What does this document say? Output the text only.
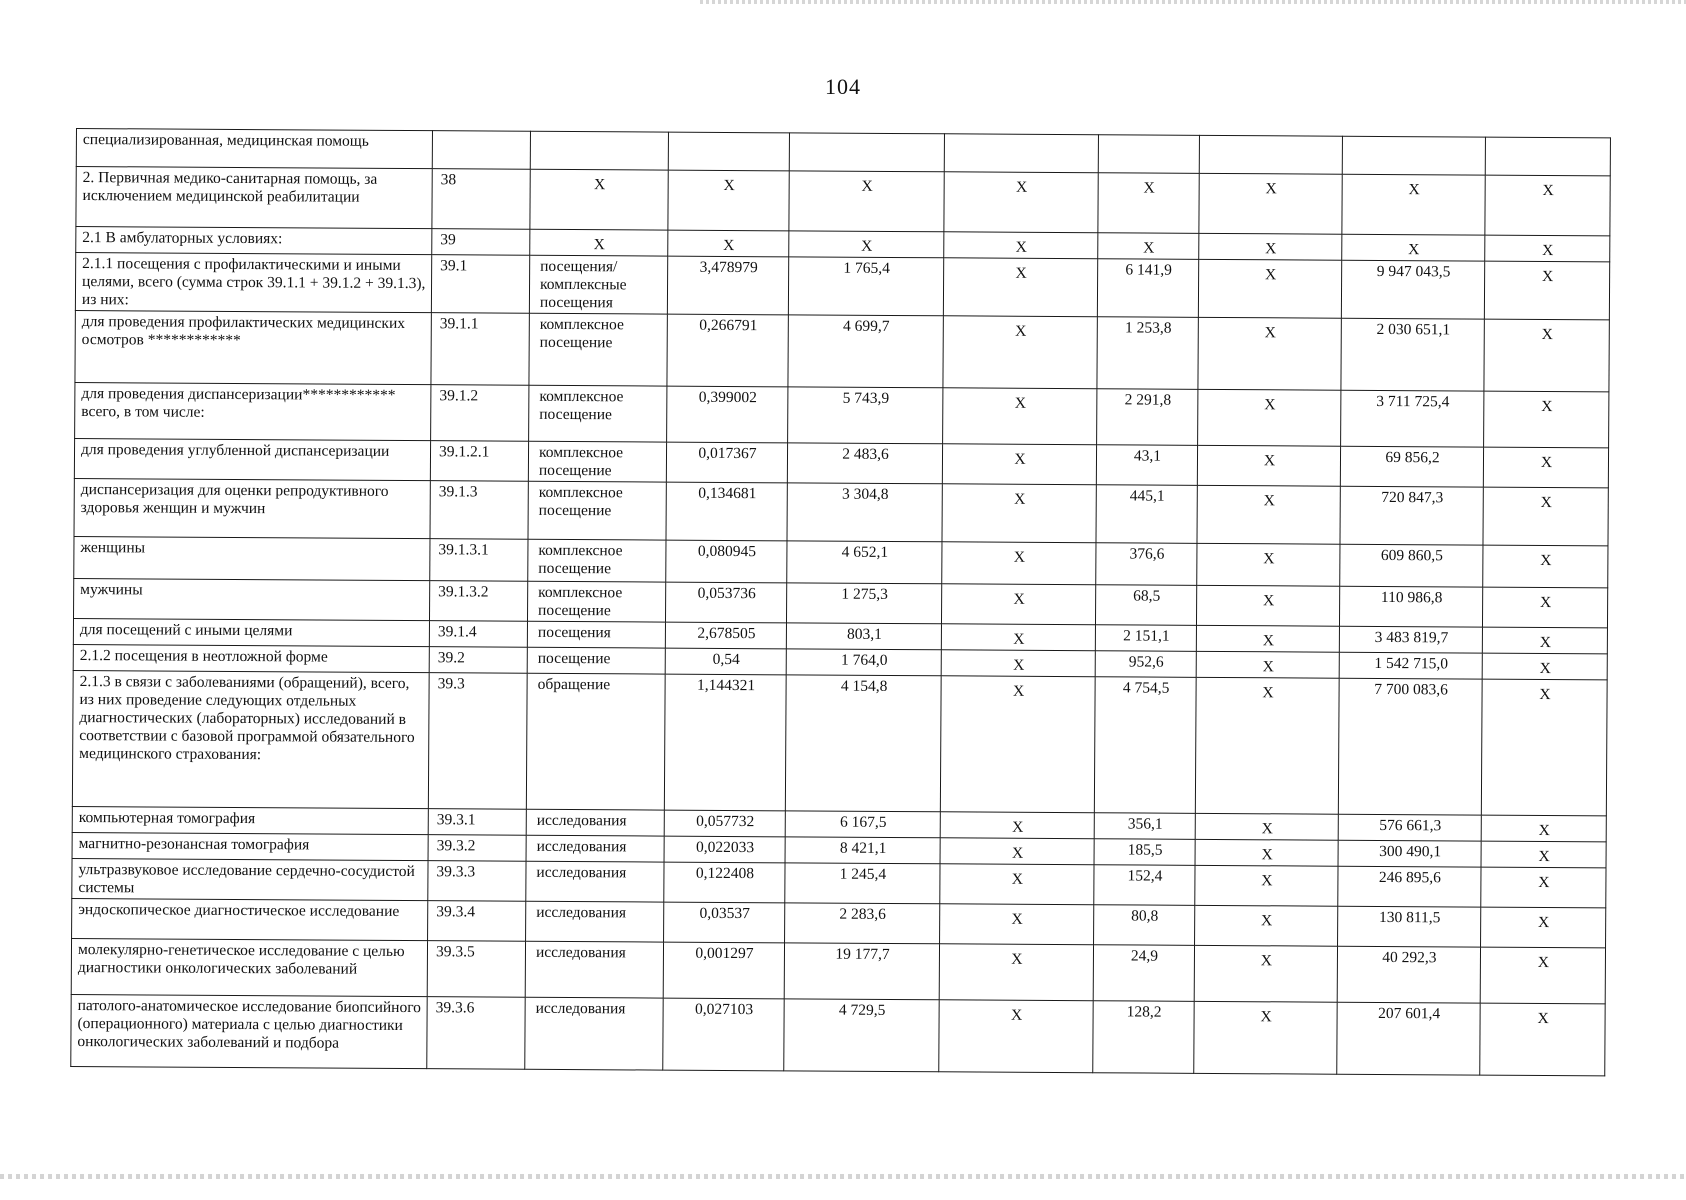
104
специализированная, медицинская помощь									
2. Первичная медико-санитарная помощь, за исключением медицинской реабилитации	38	X	X	X	X	X	X	X	X
2.1 В амбулаторных условиях:	39	X	X	X	X	X	X	X	X
2.1.1 посещения с профилактическими и иными целями, всего (сумма строк 39.1.1 + 39.1.2 + 39.1.3), из них:	39.1	посещения/комплексные посещения	3,478979	1 765,4	X	6 141,9	X	9 947 043,5	X
для проведения профилактических медицинских осмотров ************	39.1.1	комплексное посещение	0,266791	4 699,7	X	1 253,8	X	2 030 651,1	X
для проведения диспансеризации************ всего, в том числе:	39.1.2	комплексное посещение	0,399002	5 743,9	X	2 291,8	X	3 711 725,4	X
для проведения углубленной диспансеризации	39.1.2.1	комплексное посещение	0,017367	2 483,6	X	43,1	X	69 856,2	X
диспансеризация для оценки репродуктивного здоровья женщин и мужчин	39.1.3	комплексное посещение	0,134681	3 304,8	X	445,1	X	720 847,3	X
женщины	39.1.3.1	комплексное посещение	0,080945	4 652,1	X	376,6	X	609 860,5	X
мужчины	39.1.3.2	комплексное посещение	0,053736	1 275,3	X	68,5	X	110 986,8	X
для посещений с иными целями	39.1.4	посещения	2,678505	803,1	X	2 151,1	X	3 483 819,7	X
2.1.2 посещения в неотложной форме	39.2	посещение	0,54	1 764,0	X	952,6	X	1 542 715,0	X
2.1.3 в связи с заболеваниями (обращений), всего, из них проведение следующих отдельных диагностических (лабораторных) исследований в соответствии с базовой программой обязательного медицинского страхования:	39.3	обращение	1,144321	4 154,8	X	4 754,5	X	7 700 083,6	X
компьютерная томография	39.3.1	исследования	0,057732	6 167,5	X	356,1	X	576 661,3	X
магнитно-резонансная томография	39.3.2	исследования	0,022033	8 421,1	X	185,5	X	300 490,1	X
ультразвуковое исследование сердечно-сосудистой системы	39.3.3	исследования	0,122408	1 245,4	X	152,4	X	246 895,6	X
эндоскопическое диагностическое исследование	39.3.4	исследования	0,03537	2 283,6	X	80,8	X	130 811,5	X
молекулярно-генетическое исследование с целью диагностики онкологических заболеваний	39.3.5	исследования	0,001297	19 177,7	X	24,9	X	40 292,3	X
патолого-анатомическое исследование биопсийного (операционного) материала с целью диагностики онкологических заболеваний и подбора	39.3.6	исследования	0,027103	4 729,5	X	128,2	X	207 601,4	X
